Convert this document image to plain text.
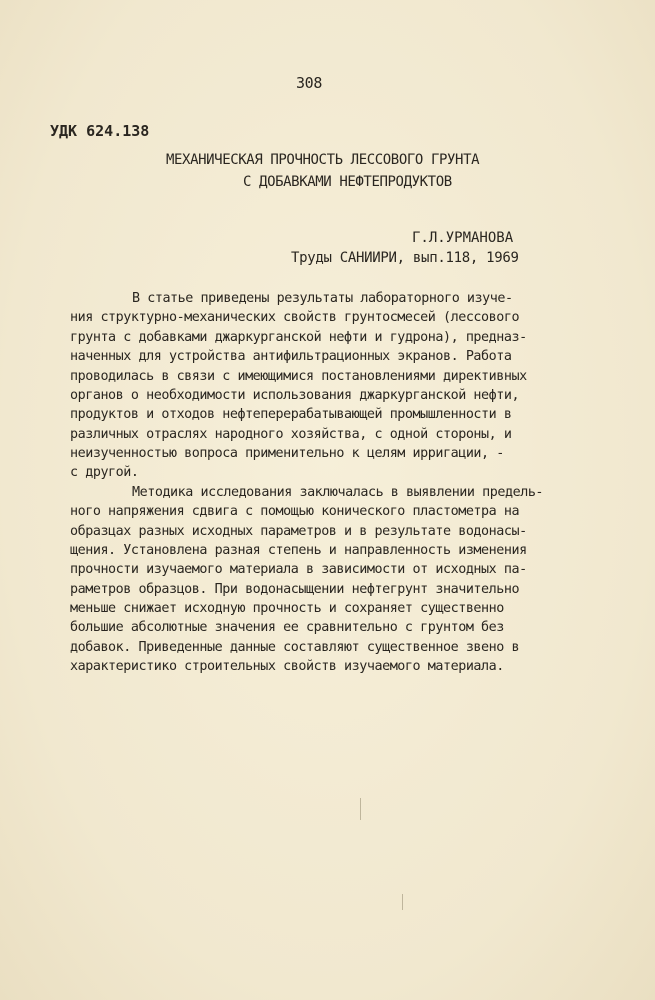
308
УДК 624.138
МЕХАНИЧЕСКАЯ ПРОЧНОСТЬ ЛЕССОВОГО ГРУНТА
С ДОБАВКАМИ НЕФТЕПРОДУКТОВ
Г.Л.УРМАНОВА
Труды САНИИРИ, вып.118, 1969
В статье приведены результаты лабораторного изуче-
ния структурно-механических свойств грунтосмесей (лессового
грунта с добавками джаркурганской нефти и гудрона), предназ-
наченных для устройства антифильтрационных экранов. Работа
проводилась в связи с имеющимися постановлениями директивных
органов о необходимости использования джаркурганской нефти,
продуктов и отходов нефтеперерабатывающей промышленности в
различных отраслях народного хозяйства, с одной стороны, и
неизученностью вопроса применительно к целям ирригации, -
с другой.
Методика исследования заключалась в выявлении предель-
ного напряжения сдвига с помощью конического пластометра на
образцах разных исходных параметров и в результате водонасы-
щения. Установлена разная степень и направленность изменения
прочности изучаемого материала в зависимости от исходных па-
раметров образцов. При водонасыщении нефтегрунт значительно
меньше снижает исходную прочность и сохраняет существенно
большие абсолютные значения ее сравнительно с грунтом без
добавок. Приведенные данные составляют существенное звено в
характеристико строительных свойств изучаемого материала.
